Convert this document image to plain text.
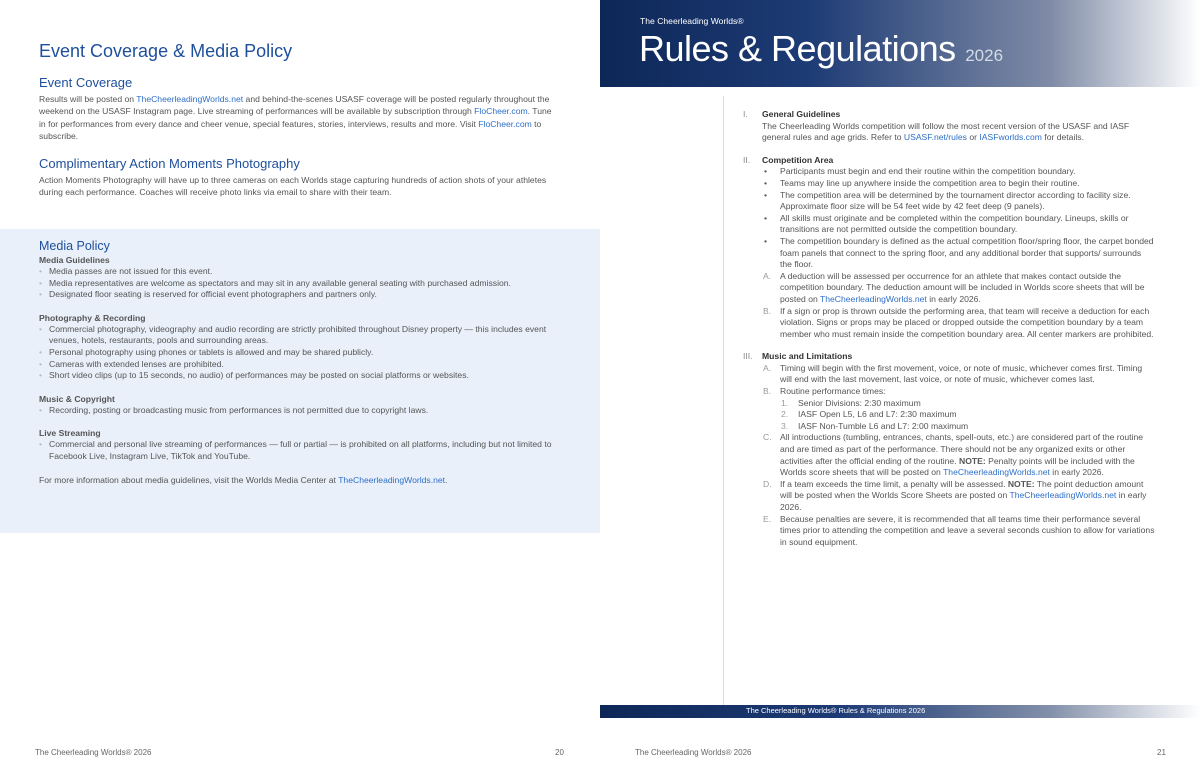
Event Coverage & Media Policy
Event Coverage

Results will be posted on TheCheerleadingWorlds.net and behind-the-scenes USASF coverage will be posted regularly throughout the weekend on the USASF Instagram page. Live streaming of performances will be available by subscription through FloCheer.com. Tune in for performances from every dance and cheer venue, special features, stories, interviews, results and more. Visit FloCheer.com to subscribe.

Complimentary Action Moments Photography

Action Moments Photography will have up to three cameras on each Worlds stage capturing hundreds of action shots of your athletes during each performance. Coaches will receive photo links via email to share with their team.

Media Policy
Media Guidelines
• Media passes are not issued for this event.
• Media representatives are welcome as spectators and may sit in any available general seating with purchased admission.
• Designated floor seating is reserved for official event photographers and partners only.
Photography & Recording
• Commercial photography, videography and audio recording are strictly prohibited throughout Disney property — this includes event venues, hotels, restaurants, pools and surrounding areas.
• Personal photography using phones or tablets is allowed and may be shared publicly.
• Cameras with extended lenses are prohibited.
• Short video clips (up to 15 seconds, no audio) of performances may be posted on social platforms or websites.
Music & Copyright
• Recording, posting or broadcasting music from performances is not permitted due to copyright laws.
Live Streaming
• Commercial and personal live streaming of performances — full or partial — is prohibited on all platforms, including but not limited to Facebook Live, Instagram Live, TikTok and YouTube.

For more information about media guidelines, visit the Worlds Media Center at TheCheerleadingWorlds.net.

The Cheerleading Worlds® 2026	20
The Cheerleading Worlds®
Rules & Regulations 2026
I. General Guidelines
The Cheerleading Worlds competition will follow the most recent version of the USASF and IASF general rules and age grids. Refer to USASF.net/rules or IASFworlds.com for details.
II. Competition Area
• Participants must begin and end their routine within the competition boundary.
• Teams may line up anywhere inside the competition area to begin their routine.
• The competition area will be determined by the tournament director according to facility size. Approximate floor size will be 54 feet wide by 42 feet deep (9 panels).
• All skills must originate and be completed within the competition boundary. Lineups, skills or transitions are not permitted outside the competition boundary.
• The competition boundary is defined as the actual competition floor/spring floor, the carpet bonded foam panels that connect to the spring floor, and any additional border that supports/ surrounds the floor.
A. A deduction will be assessed per occurrence for an athlete that makes contact outside the competition boundary. The deduction amount will be included in Worlds score sheets that will be posted on TheCheerleadingWorlds.net in early 2026.
B. If a sign or prop is thrown outside the performing area, that team will receive a deduction for each violation. Signs or props may be placed or dropped outside the competition boundary by a team member who must remain inside the competition boundary area. All center markers are prohibited.
III. Music and Limitations
A. Timing will begin with the first movement, voice, or note of music, whichever comes first. Timing will end with the last movement, last voice, or note of music, whichever comes last.
B. Routine performance times:
1. Senior Divisions: 2:30 maximum
2. IASF Open L5, L6 and L7: 2:30 maximum
3. IASF Non-Tumble L6 and L7: 2:00 maximum
C. All introductions (tumbling, entrances, chants, spell-outs, etc.) are considered part of the routine and are timed as part of the performance. There should not be any organized exits or other activities after the official ending of the routine. NOTE: Penalty points will be included with the Worlds score sheets that will be posted on TheCheerleadingWorlds.net in early 2026.
D. If a team exceeds the time limit, a penalty will be assessed. NOTE: The point deduction amount will be posted when the Worlds Score Sheets are posted on TheCheerleadingWorlds.net in early 2026.
E. Because penalties are severe, it is recommended that all teams time their performance several times prior to attending the competition and leave a several seconds cushion to allow for variations in sound equipment.
The Cheerleading Worlds® Rules & Regulations 2026
The Cheerleading Worlds® 2026	21
